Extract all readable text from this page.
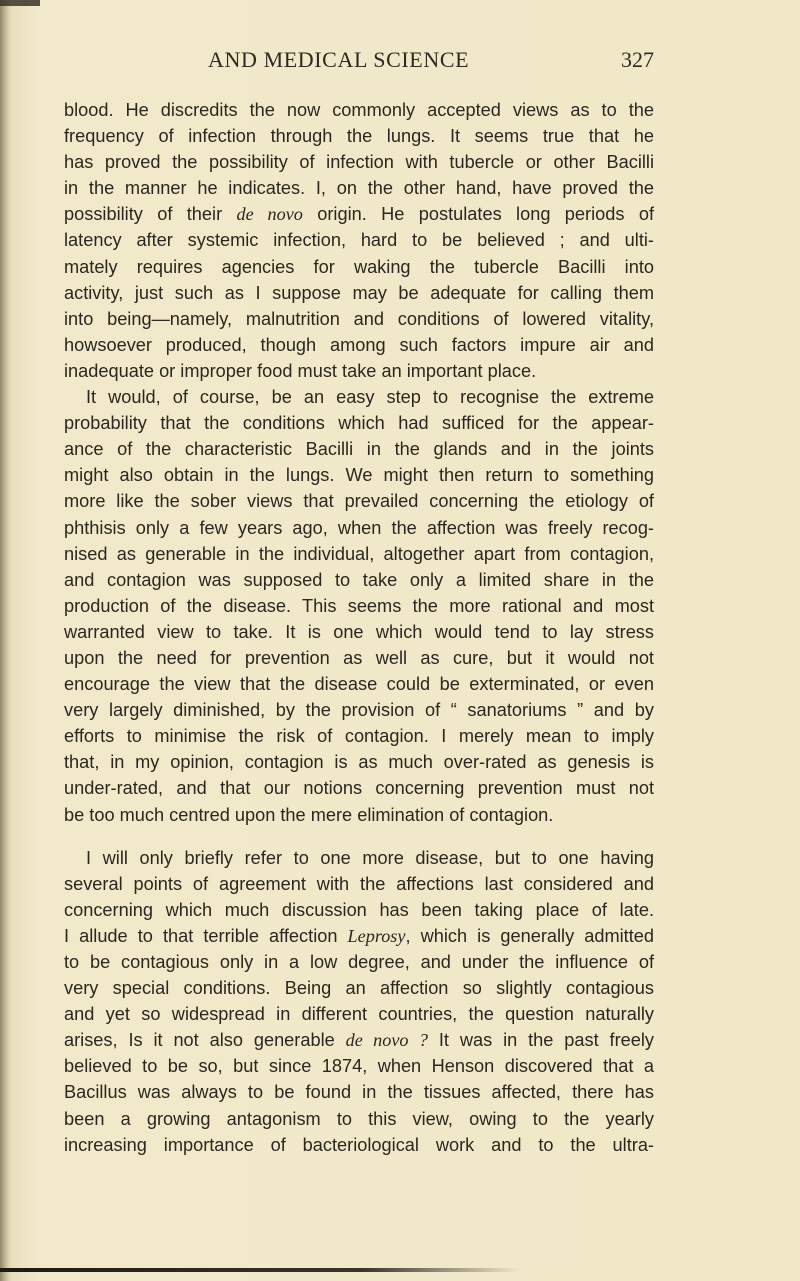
AND MEDICAL SCIENCE	327
blood. He discredits the now commonly accepted views as to the
frequency of infection through the lungs. It seems true that he
has proved the possibility of infection with tubercle or other Bacilli
in the manner he indicates. I, on the other hand, have proved the
possibility of their de novo origin. He postulates long periods of
latency after systemic infection, hard to be believed ; and ulti-
mately requires agencies for waking the tubercle Bacilli into
activity, just such as I suppose may be adequate for calling them
into being—namely, malnutrition and conditions of lowered vitality,
howsoever produced, though among such factors impure air and
inadequate or improper food must take an important place.
It would, of course, be an easy step to recognise the extreme
probability that the conditions which had sufficed for the appear-
ance of the characteristic Bacilli in the glands and in the joints
might also obtain in the lungs. We might then return to something
more like the sober views that prevailed concerning the etiology of
phthisis only a few years ago, when the affection was freely recog-
nised as generable in the individual, altogether apart from contagion,
and contagion was supposed to take only a limited share in the
production of the disease. This seems the more rational and most
warranted view to take. It is one which would tend to lay stress
upon the need for prevention as well as cure, but it would not
encourage the view that the disease could be exterminated, or even
very largely diminished, by the provision of “ sanatoriums ” and by
efforts to minimise the risk of contagion. I merely mean to imply
that, in my opinion, contagion is as much over-rated as genesis is
under-rated, and that our notions concerning prevention must not
be too much centred upon the mere elimination of contagion.
I will only briefly refer to one more disease, but to one having
several points of agreement with the affections last considered and
concerning which much discussion has been taking place of late.
I allude to that terrible affection Leprosy, which is generally admitted
to be contagious only in a low degree, and under the influence of
very special conditions. Being an affection so slightly contagious
and yet so widespread in different countries, the question naturally
arises, Is it not also generable de novo ? It was in the past freely
believed to be so, but since 1874, when Henson discovered that a
Bacillus was always to be found in the tissues affected, there has
been a growing antagonism to this view, owing to the yearly
increasing importance of bacteriological work and to the ultra-
